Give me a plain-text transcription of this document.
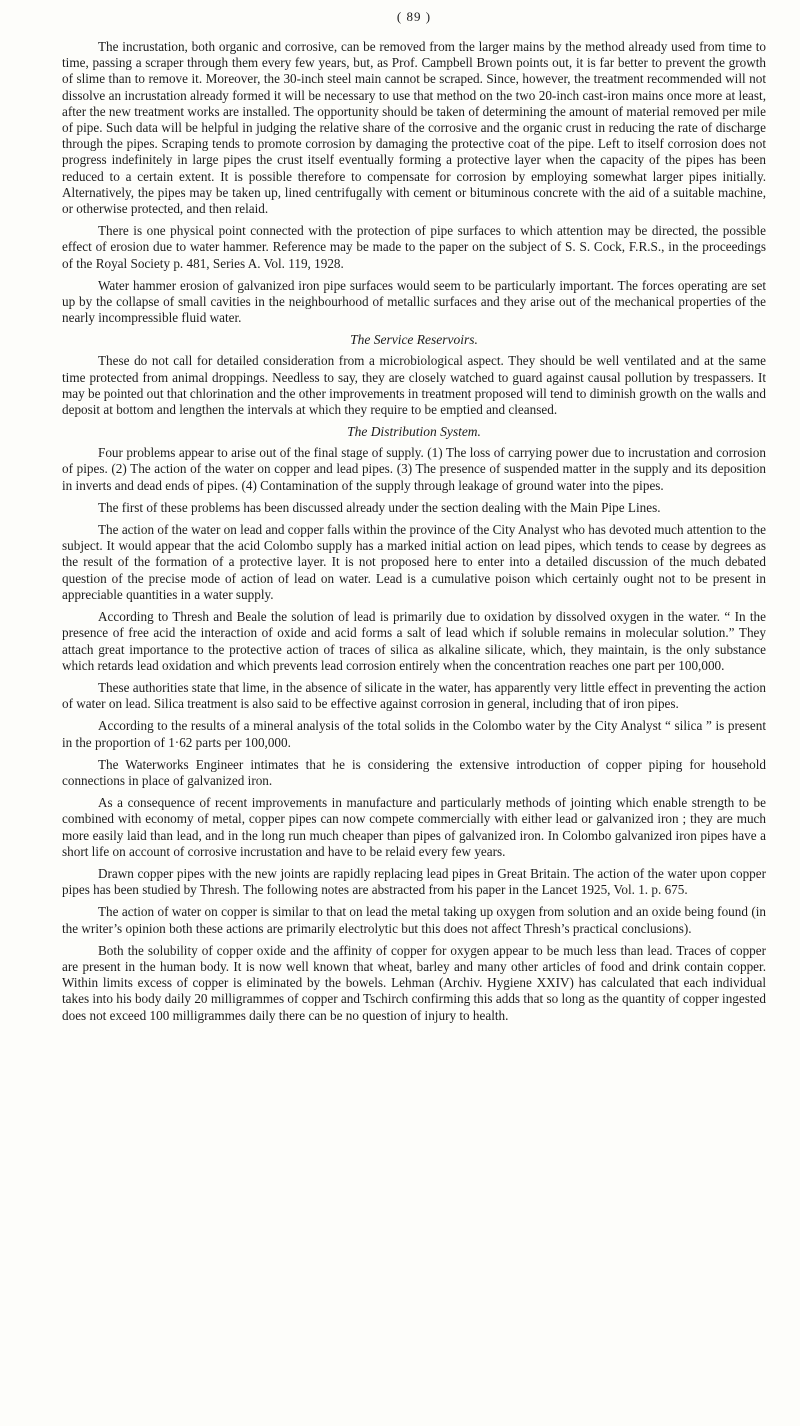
( 89 )

The incrustation, both organic and corrosive, can be removed from the larger mains by the method already used from time to time, passing a scraper through them every few years, but, as Prof. Campbell Brown points out, it is far better to prevent the growth of slime than to remove it. Moreover, the 30-inch steel main cannot be scraped. Since, however, the treatment recommended will not dissolve an incrustation already formed it will be necessary to use that method on the two 20-inch cast-iron mains once more at least, after the new treatment works are installed. The opportunity should be taken of determining the amount of material removed per mile of pipe. Such data will be helpful in judging the relative share of the corrosive and the organic crust in reducing the rate of discharge through the pipes. Scraping tends to promote corrosion by damaging the protective coat of the pipe. Left to itself corrosion does not progress indefinitely in large pipes the crust itself eventually forming a protective layer when the capacity of the pipes has been reduced to a certain extent. It is possible therefore to compensate for corrosion by employing somewhat larger pipes initially. Alternatively, the pipes may be taken up, lined centrifugally with cement or bituminous concrete with the aid of a suitable machine, or otherwise protected, and then relaid.

There is one physical point connected with the protection of pipe surfaces to which attention may be directed, the possible effect of erosion due to water hammer. Reference may be made to the paper on the subject of S. S. Cock, F.R.S., in the proceedings of the Royal Society p. 481, Series A. Vol. 119, 1928.

Water hammer erosion of galvanized iron pipe surfaces would seem to be particularly important. The forces operating are set up by the collapse of small cavities in the neighbourhood of metallic surfaces and they arise out of the mechanical properties of the nearly incompressible fluid water.

The Service Reservoirs.

These do not call for detailed consideration from a microbiological aspect. They should be well ventilated and at the same time protected from animal droppings. Needless to say, they are closely watched to guard against causal pollution by trespassers. It may be pointed out that chlorination and the other improvements in treatment proposed will tend to diminish growth on the walls and deposit at bottom and lengthen the intervals at which they require to be emptied and cleansed.

The Distribution System.

Four problems appear to arise out of the final stage of supply. (1) The loss of carrying power due to incrustation and corrosion of pipes. (2) The action of the water on copper and lead pipes. (3) The presence of suspended matter in the supply and its deposition in inverts and dead ends of pipes. (4) Contamination of the supply through leakage of ground water into the pipes.

The first of these problems has been discussed already under the section dealing with the Main Pipe Lines.

The action of the water on lead and copper falls within the province of the City Analyst who has devoted much attention to the subject. It would appear that the acid Colombo supply has a marked initial action on lead pipes, which tends to cease by degrees as the result of the formation of a protective layer. It is not proposed here to enter into a detailed discussion of the much debated question of the precise mode of action of lead on water. Lead is a cumulative poison which certainly ought not to be present in appreciable quantities in a water supply.

According to Thresh and Beale the solution of lead is primarily due to oxidation by dissolved oxygen in the water. “ In the presence of free acid the interaction of oxide and acid forms a salt of lead which if soluble remains in molecular solution.” They attach great importance to the protective action of traces of silica as alkaline silicate, which, they maintain, is the only substance which retards lead oxidation and which prevents lead corrosion entirely when the concentration reaches one part per 100,000.

These authorities state that lime, in the absence of silicate in the water, has apparently very little effect in preventing the action of water on lead. Silica treatment is also said to be effective against corrosion in general, including that of iron pipes.

According to the results of a mineral analysis of the total solids in the Colombo water by the City Analyst “ silica ” is present in the proportion of 1·62 parts per 100,000.

The Waterworks Engineer intimates that he is considering the extensive introduction of copper piping for household connections in place of galvanized iron.

As a consequence of recent improvements in manufacture and particularly methods of jointing which enable strength to be combined with economy of metal, copper pipes can now compete commercially with either lead or galvanized iron ; they are much more easily laid than lead, and in the long run much cheaper than pipes of galvanized iron. In Colombo galvanized iron pipes have a short life on account of corrosive incrustation and have to be relaid every few years.

Drawn copper pipes with the new joints are rapidly replacing lead pipes in Great Britain. The action of the water upon copper pipes has been studied by Thresh. The following notes are abstracted from his paper in the Lancet 1925, Vol. 1. p. 675.

The action of water on copper is similar to that on lead the metal taking up oxygen from solution and an oxide being found (in the writer’s opinion both these actions are primarily electrolytic but this does not affect Thresh’s practical conclusions).

Both the solubility of copper oxide and the affinity of copper for oxygen appear to be much less than lead. Traces of copper are present in the human body. It is now well known that wheat, barley and many other articles of food and drink contain copper. Within limits excess of copper is eliminated by the bowels. Lehman (Archiv. Hygiene XXIV) has calculated that each individual takes into his body daily 20 milligrammes of copper and Tschirch confirming this adds that so long as the quantity of copper ingested does not exceed 100 milligrammes daily there can be no question of injury to health.
